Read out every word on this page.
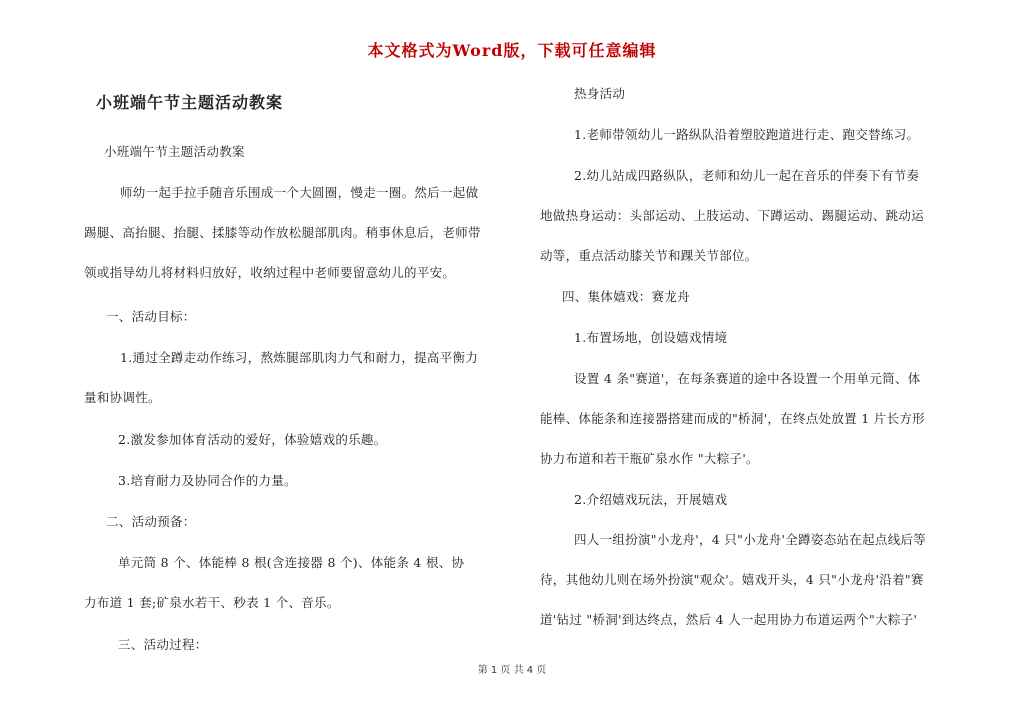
本文格式为Word版，下载可任意编辑
小班端午节主题活动教案
小班端午节主题活动教案
师幼一起手拉手随音乐围成一个大圆圈，慢走一圈。然后一起做
踢腿、高抬腿、抬腿、揉膝等动作放松腿部肌肉。稍事休息后，老师带
领或指导幼儿将材料归放好，收纳过程中老师要留意幼儿的平安。
一、活动目标：
1.通过全蹲走动作练习，熬炼腿部肌肉力气和耐力，提高平衡力
量和协调性。
2.激发参加体育活动的爱好，体验嬉戏的乐趣。
3.培育耐力及协同合作的力量。
二、活动预备：
单元筒 8 个、体能棒 8 根(含连接器 8 个)、体能条 4 根、协
力布道 1 套;矿泉水若干、秒表 1 个、音乐。
三、活动过程：
热身活动
1.老师带领幼儿一路纵队沿着塑胶跑道进行走、跑交替练习。
2.幼儿站成四路纵队，老师和幼儿一起在音乐的伴奏下有节奏
地做热身运动：头部运动、上肢运动、下蹲运动、踢腿运动、跳动运
动等，重点活动膝关节和踝关节部位。
四、集体嬉戏：赛龙舟
1.布置场地，创设嬉戏情境
设置 4 条"赛道'，在每条赛道的途中各设置一个用单元筒、体
能棒、体能条和连接器搭建而成的"桥洞'，在终点处放置 1 片长方形
协力布道和若干瓶矿泉水作 "大粽子'。
2.介绍嬉戏玩法，开展嬉戏
四人一组扮演"小龙舟'，4 只"小龙舟'全蹲姿态站在起点线后等
待，其他幼儿则在场外扮演"观众'。嬉戏开头，4 只"小龙舟'沿着"赛
道'钻过 "桥洞'到达终点，然后 4 人一起用协力布道运两个"大粽子'
第 1 页 共 4 页
